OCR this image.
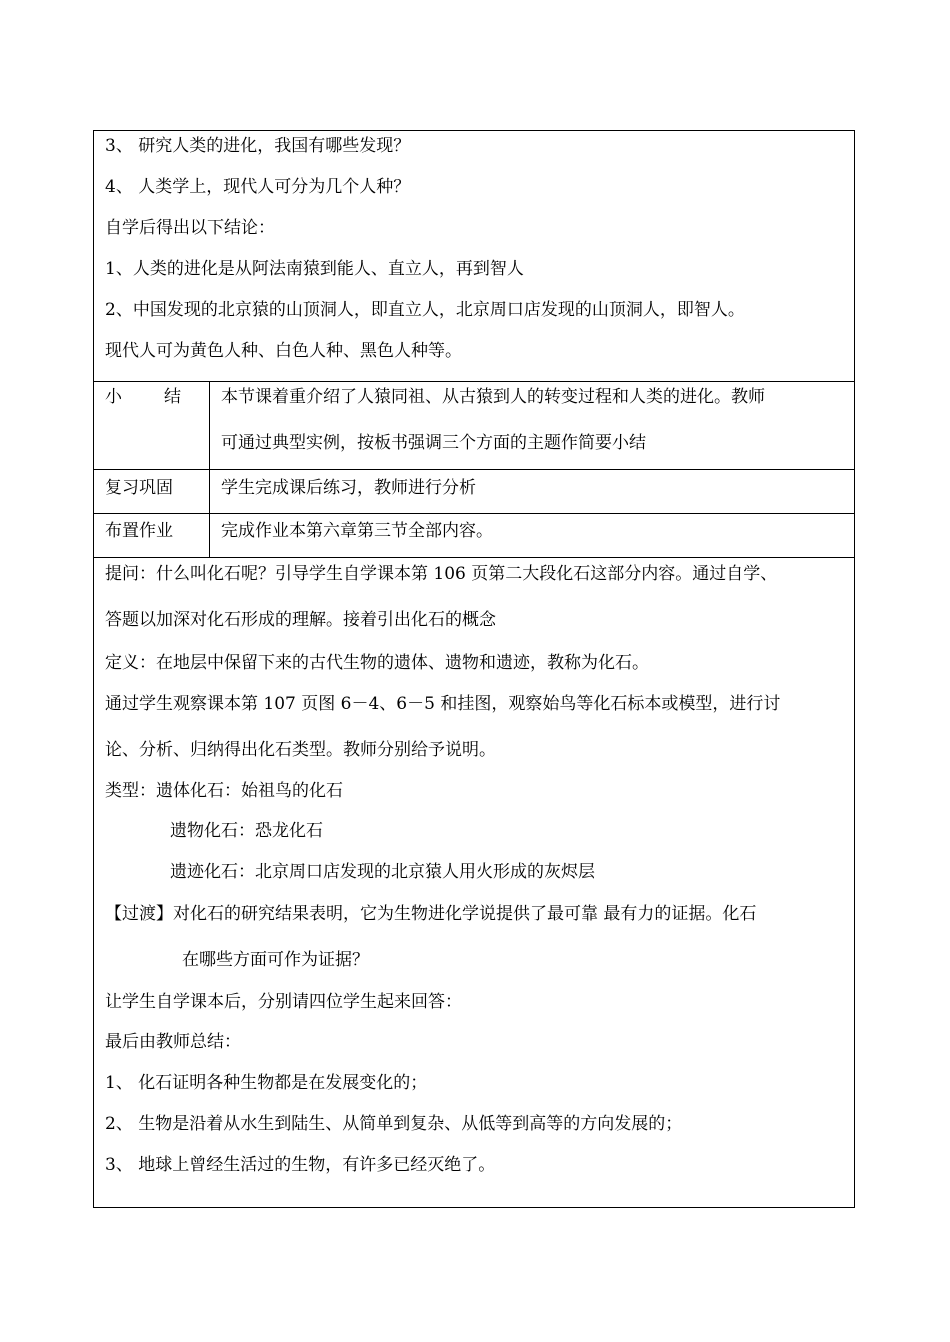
3、 研究人类的进化，我国有哪些发现？
4、 人类学上，现代人可分为几个人种？
自学后得出以下结论：
1、人类的进化是从阿法南猿到能人、直立人，再到智人
2、中国发现的北京猿的山顶洞人，即直立人，北京周口店发现的山顶洞人，即智人。
现代人可为黄色人种、白色人种、黑色人种等。
小 结 本节课着重介绍了人猿同祖、从古猿到人的转变过程和人类的进化。教师
可通过典型实例，按板书强调三个方面的主题作简要小结
复习巩固	学生完成课后练习，教师进行分析
布置作业	完成作业本第六章第三节全部内容。
提问：什么叫化石呢？引导学生自学课本第 106 页第二大段化石这部分内容。通过自学、
答题以加深对化石形成的理解。接着引出化石的概念
定义：在地层中保留下来的古代生物的遗体、遗物和遗迹，教称为化石。
通过学生观察课本第 107 页图 6－4、6－5 和挂图，观察始鸟等化石标本或模型，进行讨
论、分析、归纳得出化石类型。教师分别给予说明。
类型：遗体化石：始祖鸟的化石
遗物化石：恐龙化石
遗迹化石：北京周口店发现的北京猿人用火形成的灰烬层
【过渡】对化石的研究结果表明，它为生物进化学说提供了最可靠 最有力的证据。化石
在哪些方面可作为证据？
让学生自学课本后，分别请四位学生起来回答：
最后由教师总结：
1、 化石证明各种生物都是在发展变化的；
2、 生物是沿着从水生到陆生、从简单到复杂、从低等到高等的方向发展的；
3、 地球上曾经生活过的生物，有许多已经灭绝了。
